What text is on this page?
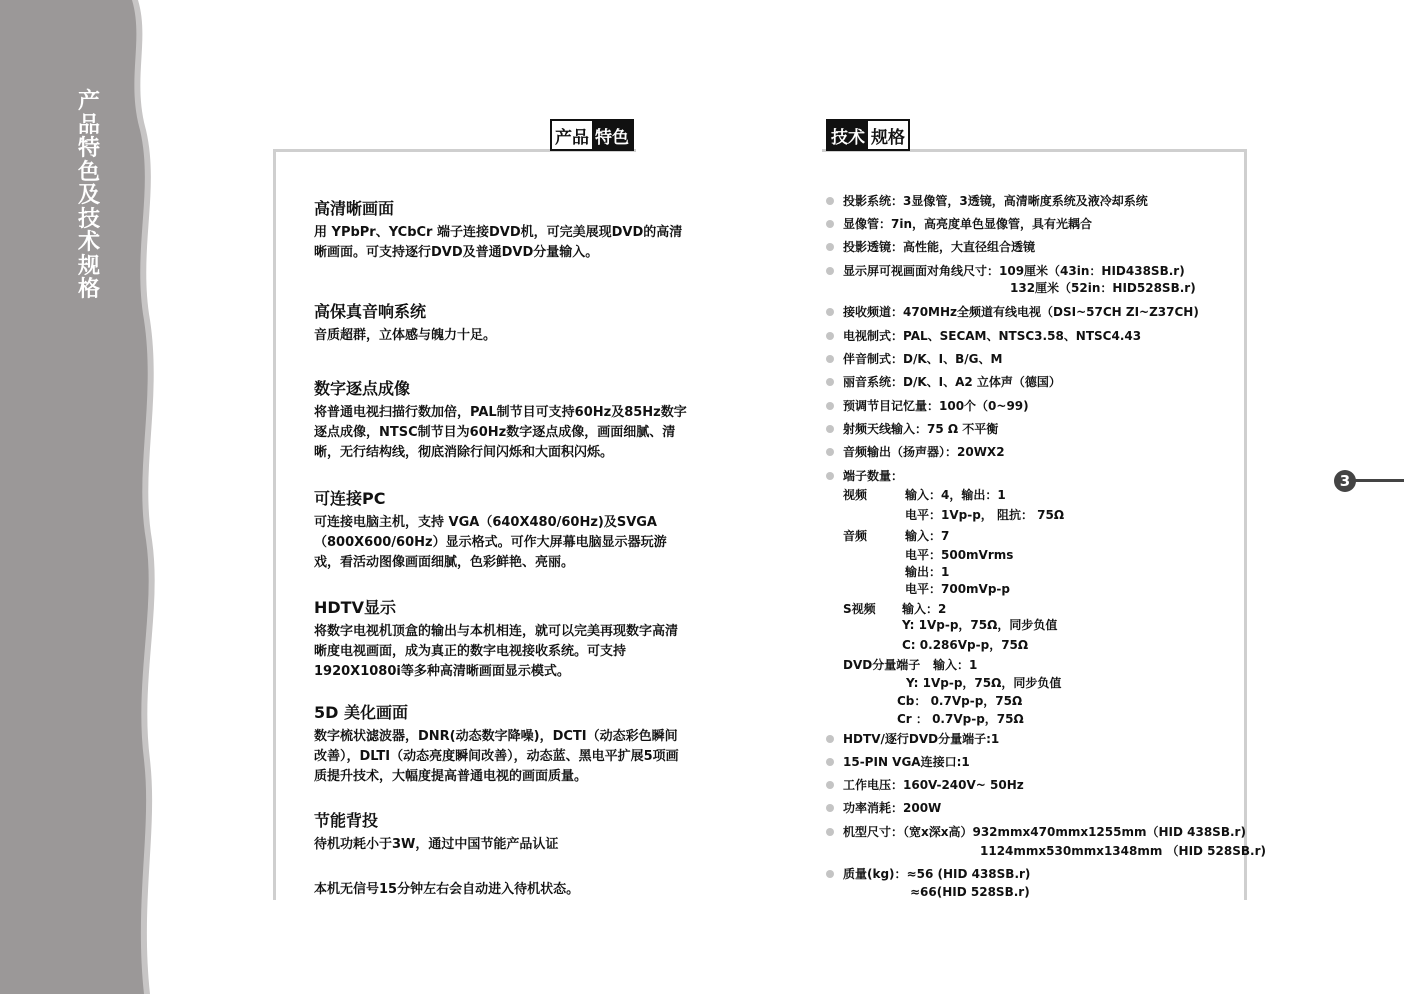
产品特色及技术规格
产品 特色	技术 规格
高清晰画面

用 YPbPr、YCbCr 端子连接DVD机，可完美展现DVD的高清晰画面。可支持逐行DVD及普通DVD分量输入。

高保真音响系统

音质超群，立体感与魄力十足。

数字逐点成像

将普通电视扫描行数加倍，PAL制节目可支持60Hz及85Hz数字逐点成像，NTSC制节目为60Hz数字逐点成像，画面细腻、清晰，无行结构线，彻底消除行间闪烁和大面积闪烁。

可连接PC

可连接电脑主机，支持 VGA（640X480/60Hz)及SVGA（800X600/60Hz）显示格式。可作大屏幕电脑显示器玩游戏，看活动图像画面细腻，色彩鲜艳、亮丽。

HDTV显示

将数字电视机顶盒的输出与本机相连，就可以完美再现数字高清晰度电视画面，成为真正的数字电视接收系统。可支持1920X1080i等多种高清晰画面显示模式。

5D 美化画面

数字梳状滤波器，DNR(动态数字降噪)，DCTI（动态彩色瞬间改善），DLTI（动态亮度瞬间改善），动态蓝、黑电平扩展5项画质提升技术，大幅度提高普通电视的画面质量。

节能背投

待机功耗小于3W，通过中国节能产品认证

本机无信号15分钟左右会自动进入待机状态。

投影系统：3显像管，3透镜，高清晰度系统及液冷却系统
显像管：7in，高亮度单色显像管，具有光耦合
投影透镜：高性能，大直径组合透镜
显示屏可视画面对角线尺寸：109厘米（43in：HID438SB.r)
132厘米（52in：HID528SB.r)
接收频道：470MHz全频道有线电视（DSI~57CH ZI~Z37CH)
电视制式：PAL、SECAM、NTSC3.58、NTSC4.43
伴音制式：D/K、I、B/G、M
丽音系统：D/K、I、A2 立体声（德国）
预调节目记忆量：100个（0~99)
射频天线输入：75 Ω 不平衡
音频输出（扬声器）：20WX2
端子数量：
视频	输入：4，输出：1
电平：1Vp-p， 阻抗： 75Ω
音频	输入：7
电平：500mVrms
输出：1
电平：700mVp-p
S视频 输入：2
Y: 1Vp-p，75Ω，同步负值
C: 0.286Vp-p，75Ω
DVD分量端子 输入：1
Y: 1Vp-p，75Ω，同步负值
Cb： 0.7Vp-p，75Ω
Cr ： 0.7Vp-p，75Ω
HDTV/逐行DVD分量端子:1
15-PIN VGA连接口:1
工作电压：160V-240V~ 50Hz
功率消耗：200W
机型尺寸：（宽x深x高）932mmx470mmx1255mm（HID 438SB.r)
1124mmx530mmx1348mm （HID 528SB.r)
质量(kg)：≈56 (HID 438SB.r)
≈66(HID 528SB.r)
3
